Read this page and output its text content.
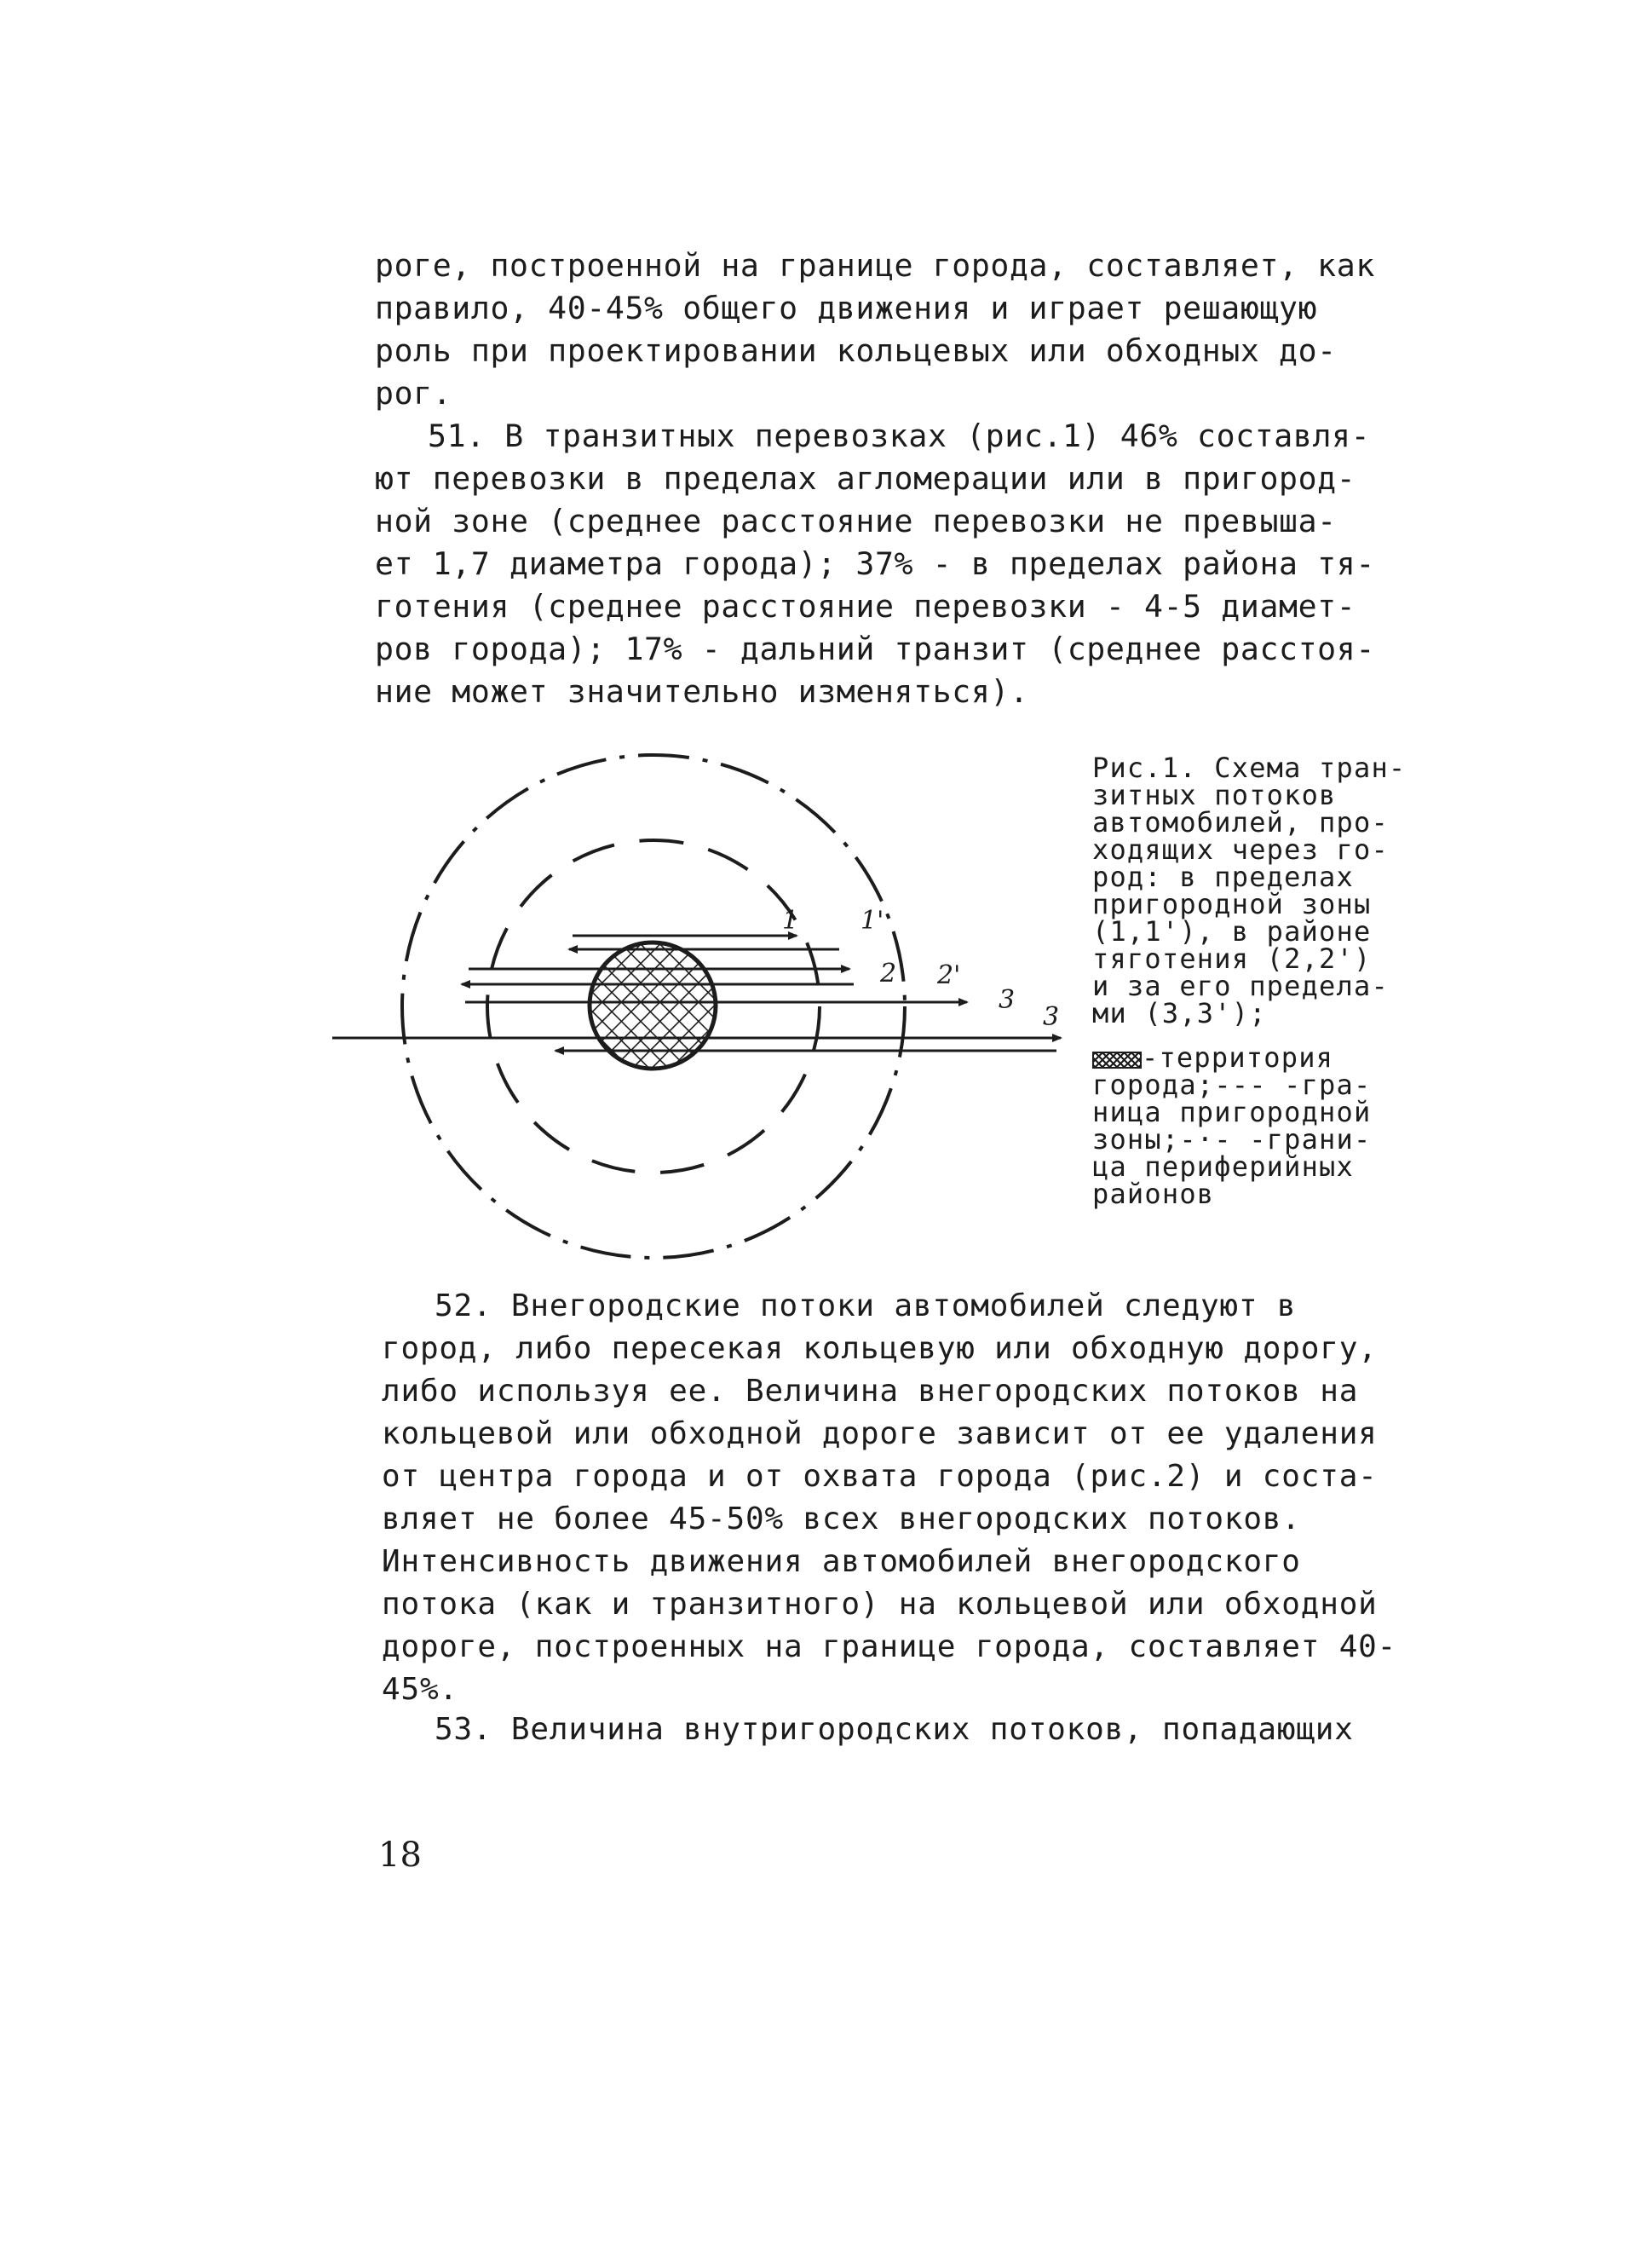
роге, построенной на границе города, составляет, как
правило, 40-45% общего движения и играет решающую
роль при проектировании кольцевых или обходных до-
рог.
51. В транзитных перевозках (рис.1) 46% составля-
ют перевозки в пределах агломерации или в пригород-
ной зоне (среднее расстояние перевозки не превыша-
ет 1,7 диаметра города); 37% - в пределах района тя-
готения (среднее расстояние перевозки - 4-5 диамет-
ров города); 17% - дальний транзит (среднее расстоя-
ние может значительно изменяться).
1 1'
2 2'
3
3
Рис.1. Схема тран-
зитных потоков
автомобилей, про-
ходящих через го-
род: в пределах
пригородной зоны
(1,1'), в районе
тяготения (2,2')
и за его предела-
ми (3,3');
-территория
города;--- -гра-
ница пригородной
зоны;-·- -грани-
ца периферийных
районов
52. Внегородские потоки автомобилей следуют в
город, либо пересекая кольцевую или обходную дорогу,
либо используя ее. Величина внегородских потоков на
кольцевой или обходной дороге зависит от ее удаления
от центра города и от охвата города (рис.2) и соста-
вляет не более 45-50% всех внегородских потоков.
Интенсивность движения автомобилей внегородского
потока (как и транзитного) на кольцевой или обходной
дороге, построенных на границе города, составляет 40-
45%.
53. Величина внутригородских потоков, попадающих
18
